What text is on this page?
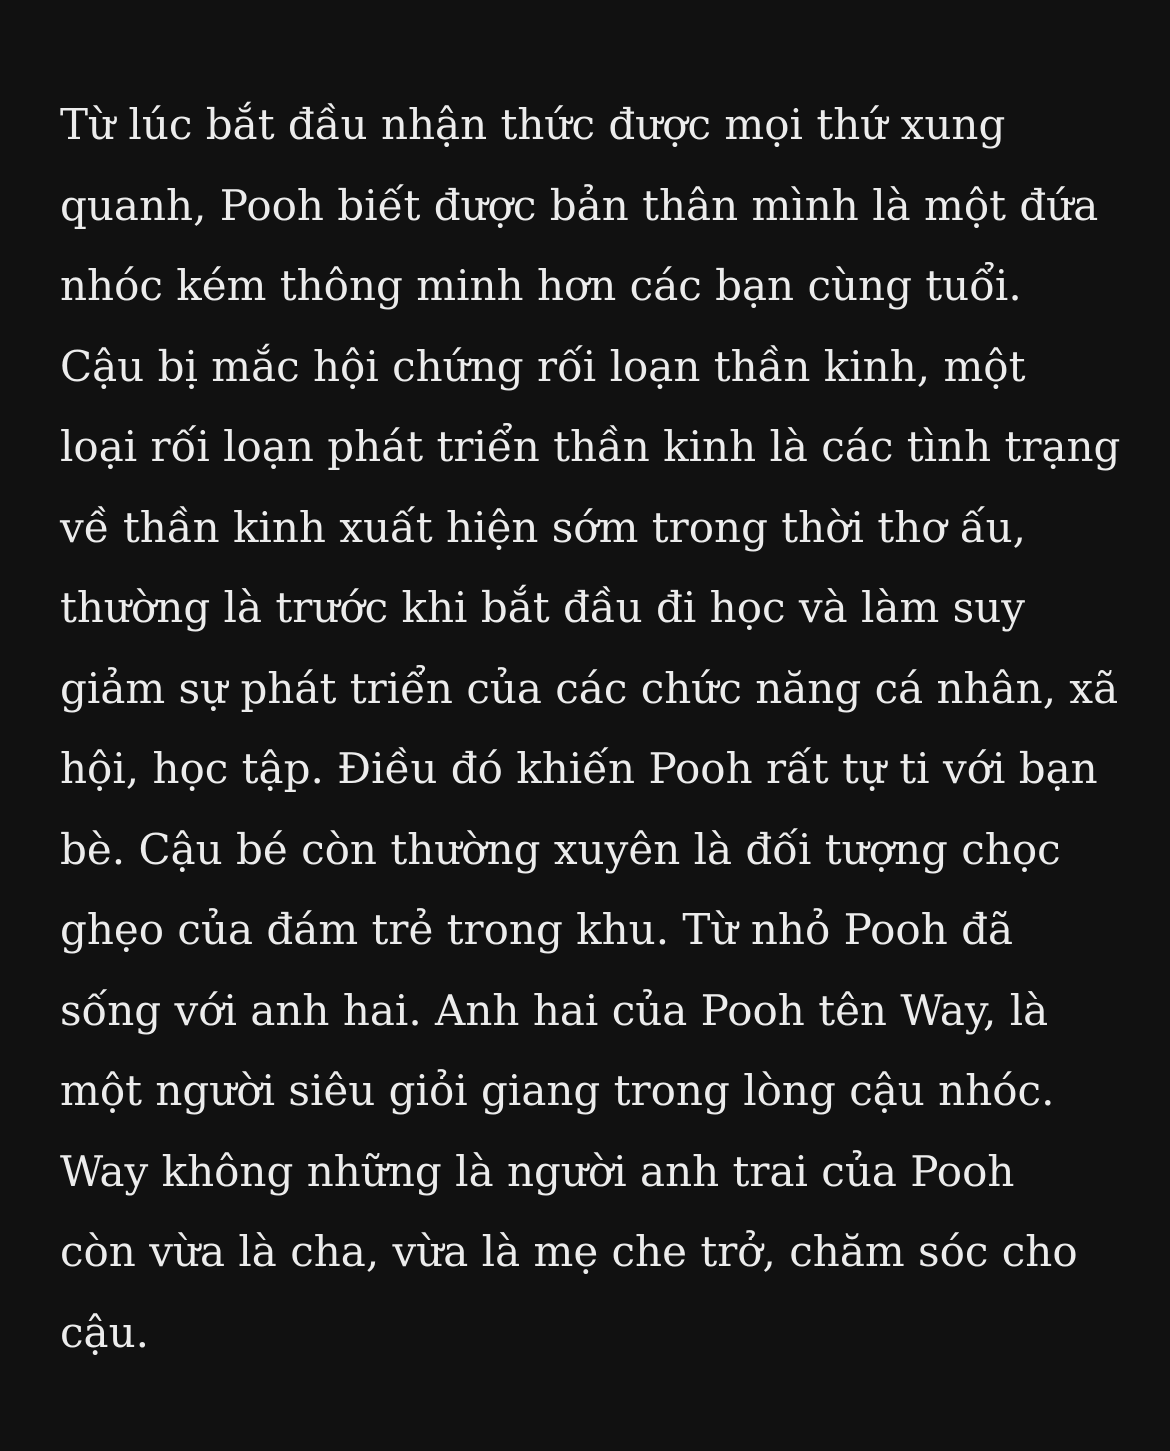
Từ lúc bắt đầu nhận thức được mọi thứ xung
quanh, Pooh biết được bản thân mình là một đứa
nhóc kém thông minh hơn các bạn cùng tuổi.
Cậu bị mắc hội chứng rối loạn thần kinh, một
loại rối loạn phát triển thần kinh là các tình trạng
về thần kinh xuất hiện sớm trong thời thơ ấu,
thường là trước khi bắt đầu đi học và làm suy
giảm sự phát triển của các chức năng cá nhân, xã
hội, học tập. Điều đó khiến Pooh rất tự ti với bạn
bè. Cậu bé còn thường xuyên là đối tượng chọc
ghẹo của đám trẻ trong khu. Từ nhỏ Pooh đã
sống với anh hai. Anh hai của Pooh tên Way, là
một người siêu giỏi giang trong lòng cậu nhóc.
Way không những là người anh trai của Pooh
còn vừa là cha, vừa là mẹ che trở, chăm sóc cho
cậu.
